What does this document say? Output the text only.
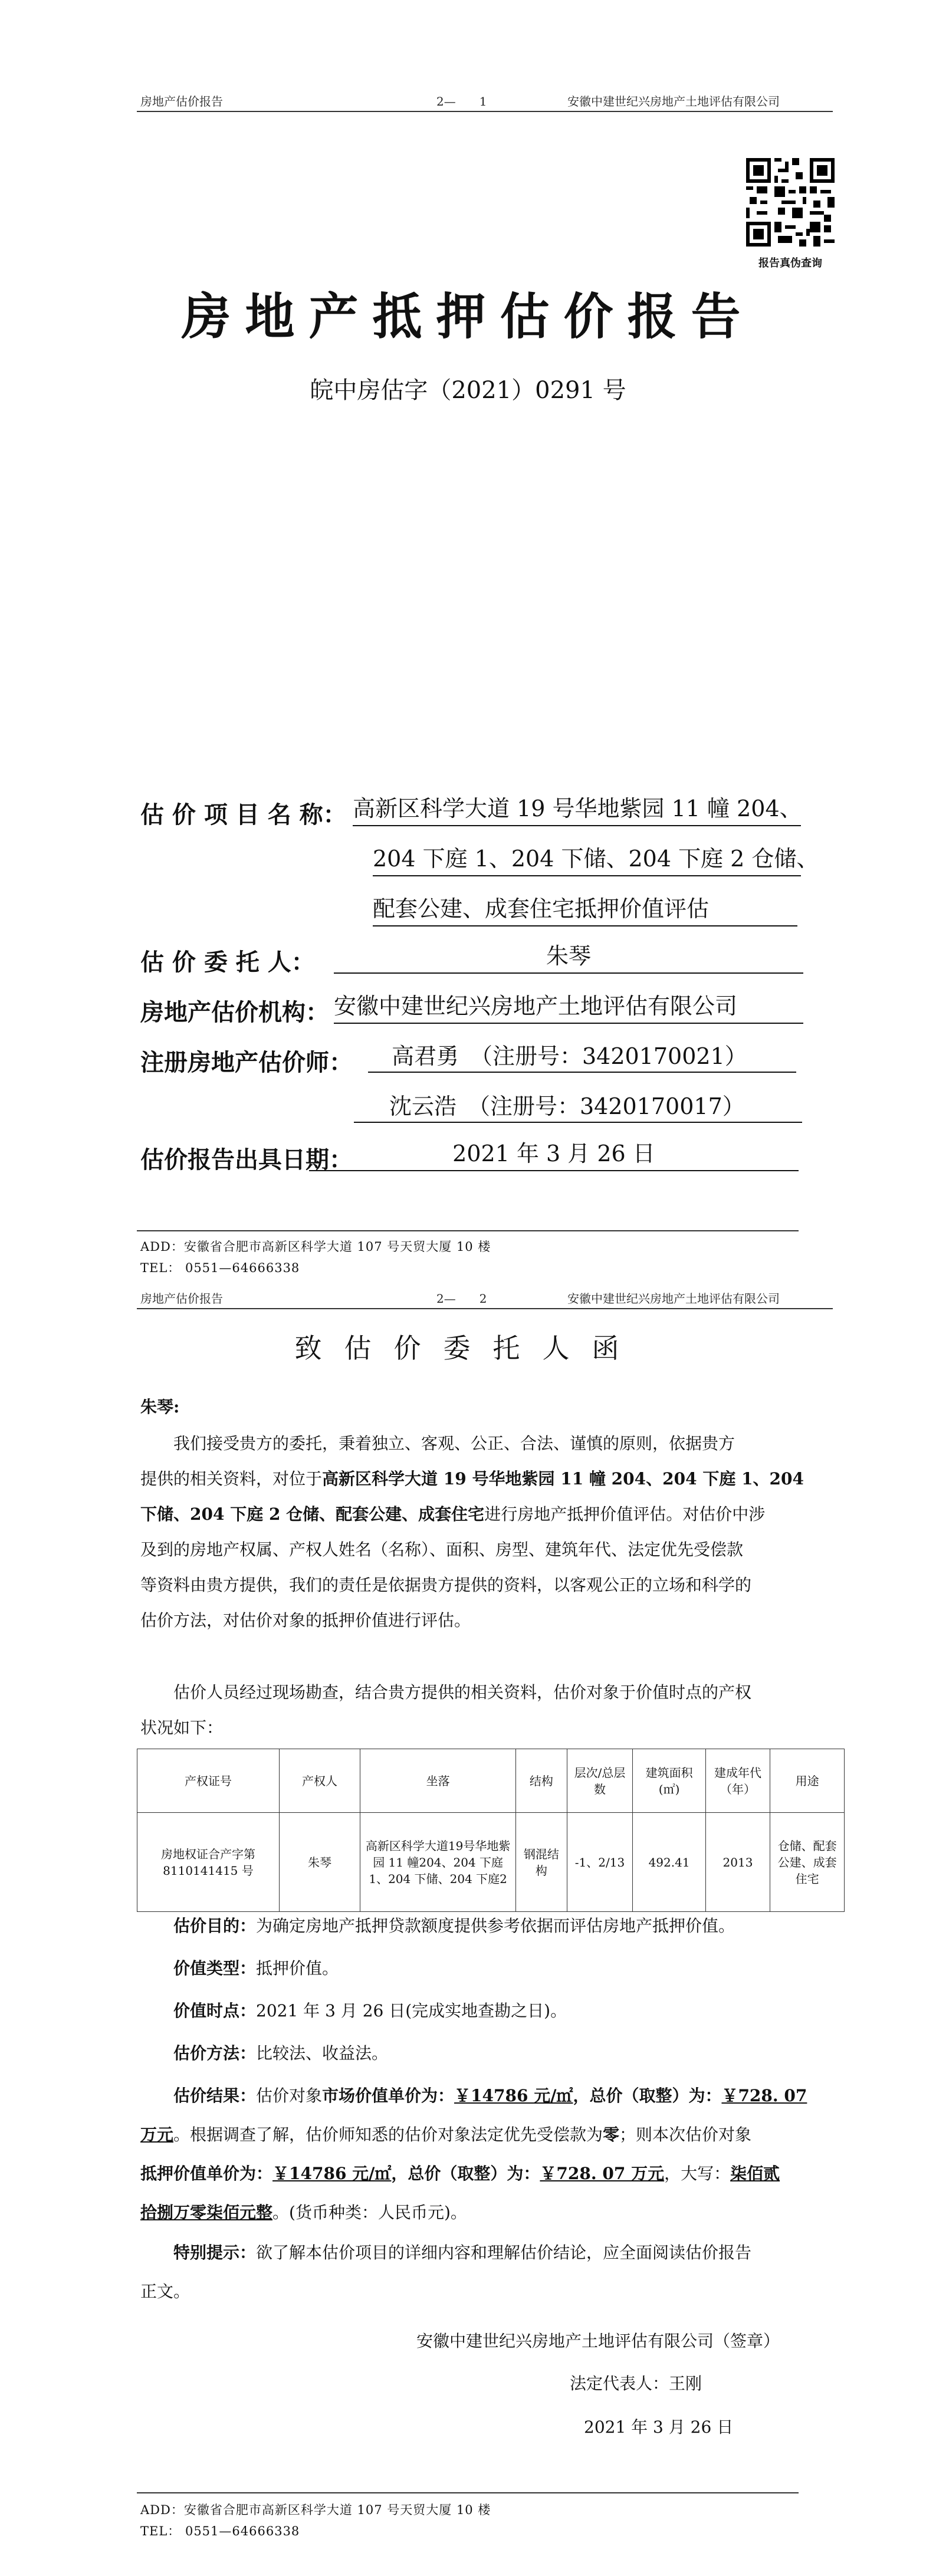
房地产估价报告	2—　　1	安徽中建世纪兴房地产土地评估有限公司
报告真伪查询
房地产抵押估价报告
皖中房估字（2021）0291 号
估 价 项 目 名 称： 高新区科学大道 19 号华地紫园 11 幢 204、
204 下庭 1、204 下储、204 下庭 2 仓储、
配套公建、成套住宅抵押价值评估
估 价 委 托 人：	朱琴
房地产估价机构： 安徽中建世纪兴房地产土地评估有限公司
注册房地产估价师：	高君勇　（注册号：3420170021）
沈云浩　（注册号：3420170017）
估价报告出具日期：	2021 年 3 月 26 日
ADD：安徽省合肥市高新区科学大道 107 号天贸大厦 10 楼
TEL： 0551—64666338
房地产估价报告	2—　　2	安徽中建世纪兴房地产土地评估有限公司
致估价委托人函
朱琴:
我们接受贵方的委托，秉着独立、客观、公正、合法、谨慎的原则，依据贵方
提供的相关资料，对位于高新区科学大道 19 号华地紫园 11 幢 204、204 下庭 1、204
下储、204 下庭 2 仓储、配套公建、成套住宅进行房地产抵押价值评估。对估价中涉
及到的房地产权属、产权人姓名（名称）、面积、房型、建筑年代、法定优先受偿款
等资料由贵方提供，我们的责任是依据贵方提供的资料，以客观公正的立场和科学的
估价方法，对估价对象的抵押价值进行评估。
估价人员经过现场勘查，结合贵方提供的相关资料，估价对象于价值时点的产权
状况如下：
产权证号	产权人	坐落	结构	层次/总层数	建筑面积(㎡)	建成年代（年）	用途
房地权证合产字第8110141415 号	朱琴	高新区科学大道19号华地紫园 11 幢204、204 下庭 1、204 下储、204 下庭2	钢混结构	-1、2/13	492.41	2013	仓储、配套公建、成套住宅
估价目的：为确定房地产抵押贷款额度提供参考依据而评估房地产抵押价值。
价值类型：抵押价值。
价值时点：2021 年 3 月 26 日(完成实地查勘之日)。
估价方法：比较法、收益法。
估价结果：估价对象市场价值单价为：￥14786 元/㎡，总价（取整）为：￥728. 07
万元。根据调查了解，估价师知悉的估价对象法定优先受偿款为零；则本次估价对象
抵押价值单价为：￥14786 元/㎡，总价（取整）为：￥728. 07 万元，大写：柒佰贰
拾捌万零柒佰元整。(货币种类：人民币元)。
特别提示：欲了解本估价项目的详细内容和理解估价结论，应全面阅读估价报告
正文。
安徽中建世纪兴房地产土地评估有限公司（签章）
法定代表人：王刚
2021 年 3 月 26 日
ADD：安徽省合肥市高新区科学大道 107 号天贸大厦 10 楼
TEL： 0551—64666338
